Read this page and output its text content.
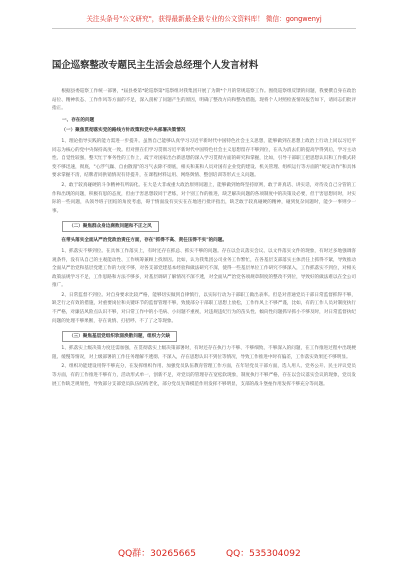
关注头条号"公文研究"，获得最新最全最专业的公文资料库！ 微信：gongwenyj
国企巡察整改专题民主生活会总经理个人发言材料
根据县委巡察工作统一部署，*届县委第*轮巡察第*巡察组对我集团开展了为期*个月的常规巡察工作。围绕巡察组反馈的问题，我要撰自身在政治站位、精神状态、工作作风等方面的不足，深入剖析了问题产生的原因，明确了整改方向和整改措施。现将个人对照检查情况报告如下，请同志们批评指正。
一、存在的问题
（一）聚焦贯彻落实党的路线方针政策和党中央部署决策情况
1、理论指导实践的能力需进一步提升。虽然自己能够认真学习习近平新时代中国特色社会主义思想，能够做到在思想上政治上行动上同以习近平同志为核心的党中央保持高度一致。但对照在们学习贯彻习近平新时代中国特色社会主义思想留存不够到位，在从为消去们的提高学得到后，学习主动性、自觉性较强，整天忙于事务性的工作上，疏于对国家出台新思想的深入学习贯彻方面的研究和掌握，比如，引导干部职工把思想认识和工作模式转变不够迅速，彻底，"心浮气躁、自由散漫"的习气去除不彻底，相关和某和人员对国有企业党的建设、机关管理、组织运行等方面的"规定动作"和具体要求掌握不清，结牌者同供销情况有待提升，在课程材料运用、网络舆情、整创培训等形式主义问题。
2、敢于较真碰硬的斗争精神有所弱化。在大是大非或重大政治原则问题上，能够做到始终坚持原则，敢于讲真话、讲实话，对待及自己分管的工作和出现的问题，积极有思的态度，但由于害思想较同于老练，对个别工作的推进，缺乏解决问题的各项制度中的决策及必要，但于害思想同时，对实际的一些问题，从领导班子团结的角度考虑，碍于情面没有实实在在地进行批评指出，缺乏敢于较真碰硬的精神，碰到复杂问题时，能少一事则少一事。
（二）聚焦群众身边腐败问题和不正之风
在带头落实全面从严治党政治责任方面，存在"抓得不高、责任压得不实"的问题。
1、抓落实不够到位。在具体工作落实上，有时还存在抓总、抓实不够的问题。存在以会议落实会议、以文件落实文件的现象，有时过多地强调客观条件，没有从自己的主观能动性、工作统筹兼顾上找原因。比如，认为我集团公司业务工作繁忙，在各基层支部落实主体责任上抓得不紧，导致推动全面从严治党和基层党建工作的力度不够，对各支部党建基本经验和做法研究不深，使得一些基层单位工作研究不够深入，工作抓落实不到位，对相关政策法规学习不足，工作思路和方法不够多，对基层调研了解情况不深不透，对全面从严治党各项规章制度的整改不到位，导致好的做法难以在全公司推广。
2、日常监督不到位。对自身要求比较严格，能够切实做到自律慎行，以实际行动为干部职工做出表率。但是对普通党员干部日常监督抓得不够，缺乏行之有效的措施，对重要岗位和关键环节的监督管理不够，致使部分干部职工思想上放松，工作作风上不够严谨，比如，有的工作人员对制度执行不严格，对廉洁风险点认识不够，对日常工作中的小毛病、小问题不重视，对违规违纪行为的苗头性、倾向性问题抓早抓小不够及时，对日常监督执纪问题的处理不够果断，存在说情、打招呼、不了了之等现象。
（三）聚焦基层党组织软弱涣散问题，组织力欠缺
1、抓落实上级决策力度还需加强，在贯彻落实上级决策部署时，有时还存在执行力不够、不够细致、不够深入的问题，在工作推进过程中出现梗阻、缓慢等情况，对上级部署的工作任务理解不透彻、不深入，存在思想认识不到位等情况，导致工作推进中时有偏差，工作落实效果还不够明显。
2、组织功能建设用得不够充分，在发挥组织作用、加强党员队伍教育管理工作方面，在年轻党员干部方面，选人用人、党务公开、民主评议党员等方面，有的工作推进不够有力，活动形式单一，创新不足，对党员的管理存在宽松软现象，制度执行不够严格，存在以会议落实会议的现象，党员发展工作缺乏规划性，导致部分支部党员队伍结构老化，部分党员先锋模范作用发挥不够明显，支部的战斗堡垒作用发挥不够充分等问题。
QQ群：30265665	QQ：535304092
